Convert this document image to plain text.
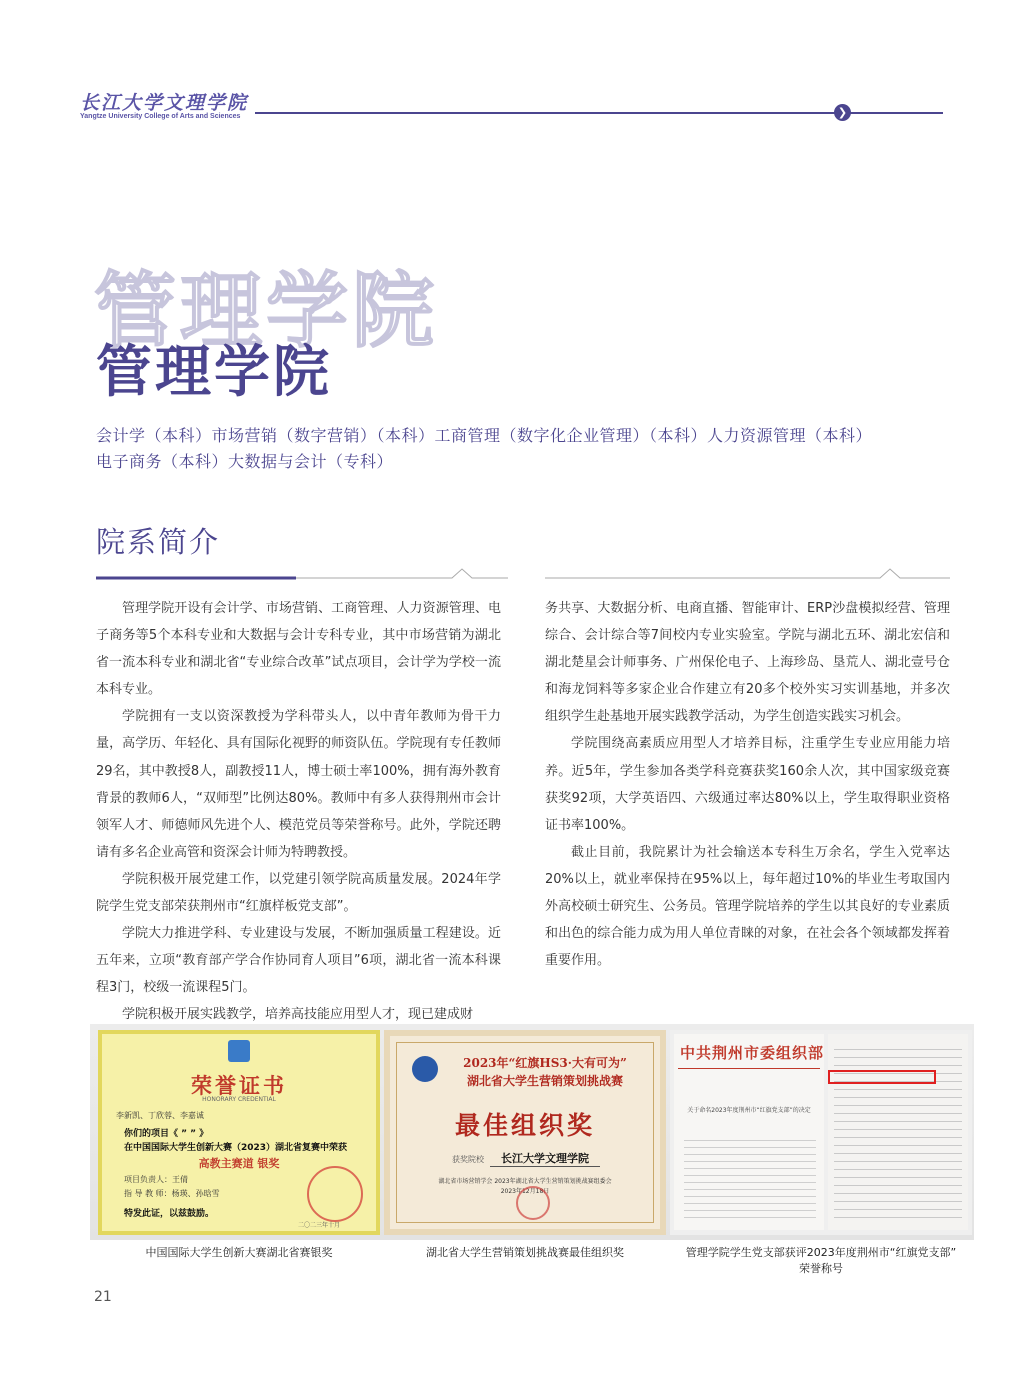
长江大学文理学院
Yangtze University College of Arts and Sciences	❯
管理学院
管理学院
会计学（本科）市场营销（数字营销）（本科）工商管理（数字化企业管理）（本科）人力资源管理（本科）
电子商务（本科）大数据与会计（专科）
院系简介

管理学院开设有会计学、市场营销、工商管理、人力资源管理、电子商务等5个本科专业和大数据与会计专科专业，其中市场营销为湖北省一流本科专业和湖北省“专业综合改革”试点项目，会计学为学校一流本科专业。

学院拥有一支以资深教授为学科带头人，以中青年教师为骨干力量，高学历、年轻化、具有国际化视野的师资队伍。学院现有专任教师29名，其中教授8人，副教授11人，博士硕士率100%，拥有海外教育背景的教师6人，“双师型”比例达80%。教师中有多人获得荆州市会计领军人才、师德师风先进个人、模范党员等荣誉称号。此外，学院还聘请有多名企业高管和资深会计师为特聘教授。

学院积极开展党建工作，以党建引领学院高质量发展。2024年学院学生党支部荣获荆州市“红旗样板党支部”。

学院大力推进学科、专业建设与发展，不断加强质量工程建设。近五年来，立项“教育部产学合作协同育人项目”6项，湖北省一流本科课程3门，校级一流课程5门。

学院积极开展实践教学，培养高技能应用型人才，现已建成财

务共享、大数据分析、电商直播、智能审计、ERP沙盘模拟经营、管理综合、会计综合等7间校内专业实验室。学院与湖北五环、湖北宏信和湖北楚星会计师事务、广州保伦电子、上海珍岛、垦荒人、湖北壹号仓和海龙饲料等多家企业合作建立有20多个校外实习实训基地，并多次组织学生赴基地开展实践教学活动，为学生创造实践实习机会。

学院围绕高素质应用型人才培养目标，注重学生专业应用能力培养。近5年，学生参加各类学科竞赛获奖160余人次，其中国家级竞赛获奖92项，大学英语四、六级通过率达80%以上，学生取得职业资格证书率100%。

截止目前，我院累计为社会输送本专科生万余名，学生入党率达20%以上，就业率保持在95%以上，每年超过10%的毕业生考取国内外高校硕士研究生、公务员。管理学院培养的学生以其良好的专业素质和出色的综合能力成为用人单位青睐的对象，在社会各个领域都发挥着重要作用。

荣誉证书
HONORARY CREDENTIAL
李新凯、丁欣蓉、李嘉诚
你们的项目《 ” ” 》
在中国国际大学生创新大赛（2023）湖北省复赛中荣获
高教主赛道 银奖
项目负责人：王倩
指 导 教 师：杨瑛、孙晗雪
特发此证，以兹鼓励。
二〇二三年十月
2023年“红旗HS3·大有可为”
湖北省大学生营销策划挑战赛
最佳组织奖
获奖院校	长江大学文理学院
湖北省市场营销学会 2023年湖北省大学生营销策划挑战赛组委会
2023年12月18日
中共荆州市委组织部
关于命名2023年度荆州市“红旗党支部”的决定
中国国际大学生创新大赛湖北省赛银奖	湖北省大学生营销策划挑战赛最佳组织奖	管理学院学生党支部获评2023年度荆州市“红旗党支部”
荣誉称号
21
